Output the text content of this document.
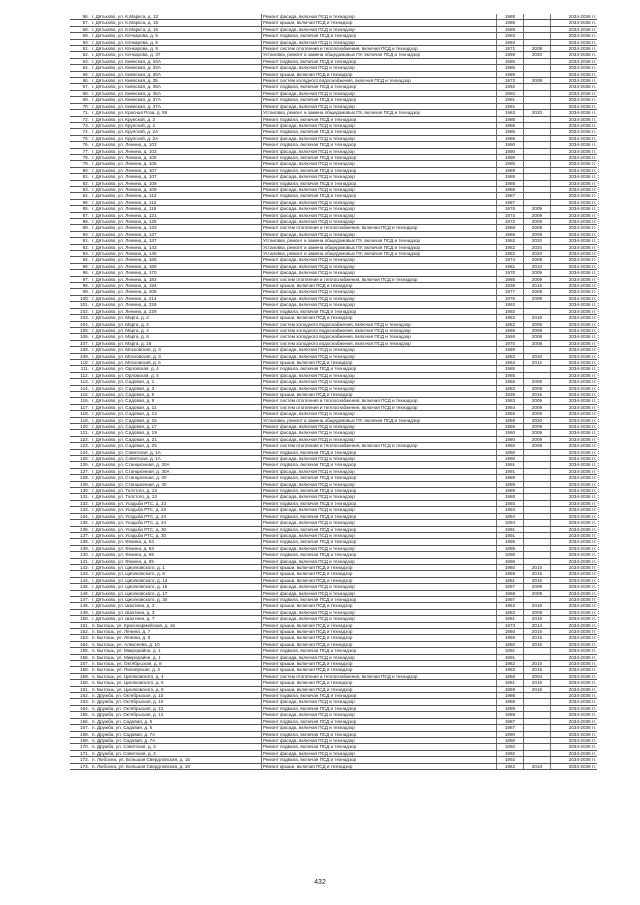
56.	г. Дятьково, ул. К.Маркса, д. 13	Ремонт фасада, включая ПСД и технадзор	1988		2034-2036 гг.
57.	г. Дятьково, ул. К.Маркса, д. 15	Ремонт крыши, включая ПСД и технадзор	1988		2034-2036 гг.
58.	г. Дятьково, ул. К.Маркса, д. 15	Ремонт фасада, включая ПСД и технадзор	1988		2034-2036 гг.
59.	г. Дятьково, ул. Кочкарова, д. 5	Ремонт подвала, включая ПСД и технадзор	1993		2034-2036 гг.
60.	г. Дятьково, ул. Кочкарова, д. 5	Ремонт фасада, включая ПСД и технадзор	1993		2034-2036 гг.
61.	г. Дятьково, ул. Кочкарова, д. 9	Ремонт систем отопления и теплоснабжения, включая ПСД и технадзор	1971	2008	2034-2036 гг.
62.	г. Дятьково, ул. Кочкарова, д. 37	Установка, ремонт и замена общедомовых ПУ, включая ПСД и технадзор	1959	2020	2034-2036 гг.
63.	г. Дятьково, ул. Киевская, д. 33А	Ремонт подвала, включая ПСД и технадзор	1986		2034-2036 гг.
64.	г. Дятьково, ул. Киевская, д. 33А	Ремонт фасада, включая ПСД и технадзор	1986		2034-2036 гг.
65.	г. Дятьково, ул. Киевская, д. 35А	Ремонт крыши, включая ПСД и технадзор	1989		2034-2036 гг.
66.	г. Дятьково, ул. Киевская, д. 35	Ремонт систем холодного водоснабжения, включая ПСД и технадзор	1972	2008	2034-2036 гг.
67.	г. Дятьково, ул. Киевская, д. 35А	Ремонт подвала, включая ПСД и технадзор	1992		2034-2036 гг.
68.	г. Дятьково, ул. Киевская, д. 35А	Ремонт фасада, включая ПСД и технадзор	1992		2034-2036 гг.
69.	г. Дятьково, ул. Киевская, д. 37А	Ремонт подвала, включая ПСД и технадзор	1991		2034-2036 гг.
70.	г. Дятьково, ул. Киевская, д. 37А	Ремонт фасада, включая ПСД и технадзор	1991		2034-2036 гг.
71.	г. Дятьково, ул. Красная Роза, д. 59	Установка, ремонт и замена общедомовых ПУ, включая ПСД и технадзор	1963	2020	2034-2036 гг.
72.	г. Дятьково, ул. Крупской, д. 2	Ремонт подвала, включая ПСД и технадзор	1985		2034-2036 гг.
73.	г. Дятьково, ул. Крупской, д. 2	Ремонт фасада, включая ПСД и технадзор	1985		2034-2036 гг.
74.	г. Дятьково, ул. Крупской, д. 2А	Ремонт подвала, включая ПСД и технадзор	1986		2034-2036 гг.
75.	г. Дятьково, ул. Крупской, д. 2А	Ремонт фасада, включая ПСД и технадзор	1986		2034-2036 гг.
76.	г. Дятьково, ул. Ленина, д. 103	Ремонт подвала, включая ПСД и технадзор	1990		2034-2036 гг.
77.	г. Дятьково, ул. Ленина, д. 103	Ремонт фасада, включая ПСД и технадзор	1990		2034-2036 гг.
78.	г. Дятьково, ул. Ленина, д. 105	Ремонт подвала, включая ПСД и технадзор	1990		2034-2036 гг.
79.	г. Дятьково, ул. Ленина, д. 105	Ремонт фасада, включая ПСД и технадзор	1990		2034-2036 гг.
80.	г. Дятьково, ул. Ленина, д. 107	Ремонт подвала, включая ПСД и технадзор	1989		2034-2036 гг.
81.	г. Дятьково, ул. Ленина, д. 107	Ремонт фасада, включая ПСД и технадзор	1989		2034-2036 гг.
82.	г. Дятьково, ул. Ленина, д. 109	Ремонт подвала, включая ПСД и технадзор	1988		2034-2036 гг.
83.	г. Дятьково, ул. Ленина, д. 109	Ремонт фасада, включая ПСД и технадзор	1988		2034-2036 гг.
84.	г. Дятьково, ул. Ленина, д. 113	Ремонт подвала, включая ПСД и технадзор	1987		2034-2036 гг.
85.	г. Дятьково, ул. Ленина, д. 113	Ремонт фасада, включая ПСД и технадзор	1987		2034-2036 гг.
86.	г. Дятьково, ул. Ленина, д. 119	Ремонт фасада, включая ПСД и технадзор	1976	2009	2034-2036 гг.
87.	г. Дятьково, ул. Ленина, д. 121	Ремонт фасада, включая ПСД и технадзор	1974	2009	2034-2036 гг.
88.	г. Дятьково, ул. Ленина, д. 125	Ремонт фасада, включая ПСД и технадзор	1972	2009	2034-2036 гг.
89.	г. Дятьково, ул. Ленина, д. 133	Ремонт систем отопления и теплоснабжения, включая ПСД и технадзор	1968	2009	2034-2036 гг.
90.	г. Дятьково, ул. Ленина, д. 137	Ремонт фасада, включая ПСД и технадзор	1969	2009	2034-2036 гг.
91.	г. Дятьково, ул. Ленина, д. 137	Установка, ремонт и замена общедомовых ПУ, включая ПСД и технадзор	1952	2020	2034-2036 гг.
92.	г. Дятьково, ул. Ленина, д. 143	Установка, ремонт и замена общедомовых ПУ, включая ПСД и технадзор	1952	2020	2034-2036 гг.
93.	г. Дятьково, ул. Ленина, д. 145	Установка, ремонт и замена общедомовых ПУ, включая ПСД и технадзор	1952	2020	2034-2036 гг.
94.	г. Дятьково, ул. Ленина, д. 166	Ремонт фасада, включая ПСД и технадзор	1974	2009	2034-2036 гг.
95.	г. Дятьково, ул. Ленина, д. 168	Ремонт фасада, включая ПСД и технадзор	1981	2010	2034-2036 гг.
96.	г. Дятьково, ул. Ленина, д. 170	Ремонт фасада, включая ПСД и технадзор	1970	2009	2034-2036 гг.
97.	г. Дятьково, ул. Ленина, д. 182	Ремонт систем отопления и теплоснабжения, включая ПСД и технадзор	1965	2009	2034-2036 гг.
98.	г. Дятьково, ул. Ленина, д. 194	Ремонт крыши, включая ПСД и технадзор	1938	2016	2034-2036 гг.
99.	г. Дятьково, ул. Ленина, д. 208	Ремонт фасада, включая ПСД и технадзор	1977	2009	2034-2036 гг.
100.	г. Дятьково, ул. Ленина, д. 214	Ремонт фасада, включая ПСД и технадзор	1976	2009	2034-2036 гг.
101.	г. Дятьково, ул. Ленина, д. 226	Ремонт фасада, включая ПСД и технадзор	1992		2034-2036 гг.
102.	г. Дятьково, ул. Ленина, д. 229	Ремонт подвала, включая ПСД и технадзор	1992		2034-2036 гг.
103.	г. Дятьково, ул. Марга, д. 2	Ремонт крыши, включая ПСД и технадзор	1962	2015	2034-2036 гг.
104.	г. Дятьково, ул. Марга, д. 2	Ремонт систем холодного водоснабжения, включая ПСД и технадзор	1962	2008	2034-2036 гг.
105.	г. Дятьково, ул. Марга, д. 4	Ремонт систем холодного водоснабжения, включая ПСД и технадзор	1969	2008	2034-2036 гг.
106.	г. Дятьково, ул. Марга, д. 8	Ремонт систем холодного водоснабжения, включая ПСД и технадзор	1968	2008	2034-2036 гг.
107.	г. Дятьково, ул. Марга, д. 16	Ремонт систем холодного водоснабжения, включая ПСД и технадзор	1970	2008	2034-2036 гг.
108.	г. Дятьково, ул. Московская, д. 3	Ремонт фасада, включая ПСД и технадзор	1969		2034-2036 гг.
109.	г. Дятьково, ул. Московская, д. 3	Ремонт фасада, включая ПСД и технадзор	1963	2010	2034-2036 гг.
110.	г. Дятьково, ул. Московская, д. 5	Ремонт крыши, включая ПСД и технадзор	1964	2012	2034-2036 гг.
111.	г. Дятьково, ул. Орловская, д. 4	Ремонт подвала, включая ПСД и технадзор	1985		2034-2036 гг.
112.	г. Дятьково, ул. Орловская, д. 4	Ремонт фасада, включая ПСД и технадзор	1985		2034-2036 гг.
113.	г. Дятьково, ул. Садовая, д. 1	Ремонт фасада, включая ПСД и технадзор	1955	2009	2034-2036 гг.
114.	г. Дятьково, ул. Садовая, д. 3	Ремонт фасада, включая ПСД и технадзор	1963	2009	2034-2036 гг.
115.	г. Дятьково, ул. Садовая, д. 5	Ремонт крыши, включая ПСД и технадзор	1939	2015	2034-2036 гг.
116.	г. Дятьково, ул. Садовая, д. 9	Ремонт систем отопления и теплоснабжения, включая ПСД и технадзор	1953	2009	2034-2036 гг.
117.	г. Дятьково, ул. Садовая, д. 11	Ремонт систем отопления и теплоснабжения, включая ПСД и технадзор	1954	2009	2034-2036 гг.
118.	г. Дятьково, ул. Садовая, д. 13	Ремонт фасада, включая ПСД и технадзор	1955	2009	2034-2036 гг.
119.	г. Дятьково, ул. Садовая, д. 15	Установка, ремонт и замена общедомовых ПУ, включая ПСД и технадзор	1959	2020	2034-2036 гг.
120.	г. Дятьково, ул. Садовая, д. 17	Ремонт фасада, включая ПСД и технадзор	1959	2009	2034-2036 гг.
121.	г. Дятьково, ул. Садовая, д. 19	Ремонт фасада, включая ПСД и технадзор	1960	2009	2034-2036 гг.
122.	г. Дятьково, ул. Садовая, д. 21	Ремонт фасада, включая ПСД и технадзор	1960	2008	2034-2036 гг.
123.	г. Дятьково, ул. Садовая, д. 25	Ремонт систем отопления и теплоснабжения, включая ПСД и технадзор	1960	2008	2034-2036 гг.
124.	г. Дятьково, ул. Советская, д. 1А	Ремонт подвала, включая ПСД и технадзор	1990		2034-2036 гг.
125.	г. Дятьково, ул. Советская, д. 1А	Ремонт фасада, включая ПСД и технадзор	1990		2034-2036 гг.
126.	г. Дятьково, ул. Станционная, д. 30А	Ремонт подвала, включая ПСД и технадзор	1991		2034-2036 гг.
127.	г. Дятьково, ул. Станционная, д. 30А	Ремонт фасада, включая ПСД и технадзор	1991		2034-2036 гг.
128.	г. Дятьково, ул. Станционная, д. 40	Ремонт подвала, включая ПСД и технадзор	1989		2034-2036 гг.
129.	г. Дятьково, ул. Станционная, д. 40	Ремонт фасада, включая ПСД и технадзор	1989		2034-2036 гг.
130.	г. Дятьково, ул. Толстого, д. 13	Ремонт подвала, включая ПСД и технадзор	1988		2034-2036 гг.
131.	г. Дятьково, ул. Толстого, д. 13	Ремонт фасада, включая ПСД и технадзор	1988		2034-2036 гг.
132.	г. Дятьково, ул. Усадьба РТС, д. 23	Ремонт подвала, включая ПСД и технадзор	1993		2034-2036 гг.
133.	г. Дятьково, ул. Усадьба РТС, д. 23	Ремонт фасада, включая ПСД и технадзор	1993		2034-2036 гг.
134.	г. Дятьково, ул. Усадьба РТС, д. 24	Ремонт подвала, включая ПСД и технадзор	1994		2034-2036 гг.
135.	г. Дятьково, ул. Усадьба РТС, д. 24	Ремонт фасада, включая ПСД и технадзор	1994		2034-2036 гг.
136.	г. Дятьково, ул. Усадьба РТС, д. 30	Ремонт подвала, включая ПСД и технадзор	1991		2034-2036 гг.
137.	г. Дятьково, ул. Усадьба РТС, д. 30	Ремонт фасада, включая ПСД и технадзор	1991		2034-2036 гг.
138.	г. Дятьково, ул. Фокина, д. 63	Ремонт подвала, включая ПСД и технадзор	1995		2034-2036 гг.
139.	г. Дятьково, ул. Фокина, д. 63	Ремонт фасада, включая ПСД и технадзор	1995		2034-2036 гг.
140.	г. Дятьково, ул. Фокина, д. 65	Ремонт подвала, включая ПСД и технадзор	1996		2034-2036 гг.
141.	г. Дятьково, ул. Фокина, д. 65	Ремонт фасада, включая ПСД и технадзор	1996		2034-2036 гг.
142.	г. Дятьково, ул. Циолковского, д. 1	Ремонт крыши, включая ПСД и технадзор	1960	2015	2034-2036 гг.
143.	г. Дятьково, ул. Циолковского, д. 8	Ремонт крыши, включая ПСД и технадзор	1959	2015	2034-2036 гг.
144.	г. Дятьково, ул. Циолковского, д. 13	Ремонт крыши, включая ПСД и технадзор	1961	2015	2034-2036 гг.
145.	г. Дятьково, ул. Циолковского, д. 15	Ремонт фасада, включая ПСД и технадзор	1957	2009	2034-2036 гг.
146.	г. Дятьково, ул. Циолковского, д. 17	Ремонт фасада, включая ПСД и технадзор	1958	2009	2034-2036 гг.
147.	г. Дятьково, ул. Циолковского, д. 30	Ремонт подвала, включая ПСД и технадзор	1997		2034-2036 гг.
148.	г. Дятьково, ул. Шахтина, д. 3	Ремонт крыши, включая ПСД и технадзор	1963	2015	2034-2036 гг.
149.	г. Дятьково, ул. Шахтина, д. 3	Ремонт фасада, включая ПСД и технадзор	1963	2009	2034-2036 гг.
150.	г. Дятьково, ул. Шахтина, д. 7	Ремонт фасада, включая ПСД и технадзор	1961	2015	2034-2036 гг.
151.	п. Бытошь, ул. Красноармейская, д. 16	Ремонт крыши, включая ПСД и технадзор	1973	2014	2034-2036 гг.
152.	п. Бытошь, ул. Ленина, д. 7	Ремонт крыши, включая ПСД и технадзор	1960	2015	2034-2036 гг.
153.	п. Бытошь, ул. Ленина, д. 9	Ремонт крыши, включая ПСД и технадзор	1968	2015	2034-2036 гг.
154.	п. Бытошь, ул. Алексеева, д. 10	Ремонт крыши, включая ПСД и технадзор	1960	2015	2034-2036 гг.
155.	п. Бытошь, ул. Микрорайон, д. 1	Ремонт подвала, включая ПСД и технадзор	1991		2034-2036 гг.
156.	п. Бытошь, ул. Микрорайон, д. 1	Ремонт фасада, включая ПСД и технадзор	1991		2034-2036 гг.
157.	п. Бытошь, ул. Октябрьская, д. 8	Ремонт крыши, включая ПСД и технадзор	1962	2015	2034-2036 гг.
158.	п. Бытошь, ул. Пионерская, д. 3	Ремонт крыши, включая ПСД и технадзор	1963	2015	2034-2036 гг.
159.	п. Бытошь, ул. Циолковского, д. 4	Ремонт систем отопления и теплоснабжения, включая ПСД и технадзор	1968	2004	2034-2036 гг.
160.	п. Бытошь, ул. Циолковского, д. 6	Ремонт крыши, включая ПСД и технадзор	1961	2015	2034-2036 гг.
161.	п. Бытошь, ул. Циолковского, д. 8	Ремонт крыши, включая ПСД и технадзор	1959	2015	2034-2036 гг.
162.	п. Дружба, ул. Октябрьская, д. 10	Ремонт подвала, включая ПСД и технадзор	1988		2034-2036 гг.
163.	п. Дружба, ул. Октябрьская, д. 10	Ремонт фасада, включая ПСД и технадзор	1988		2034-2036 гг.
164.	п. Дружба, ул. Октябрьская, д. 13	Ремонт подвала, включая ПСД и технадзор	1989		2034-2036 гг.
165.	п. Дружба, ул. Октябрьская, д. 13	Ремонт фасада, включая ПСД и технадзор	1989		2034-2036 гг.
166.	п. Дружба, ул. Садовая, д. 5	Ремонт подвала, включая ПСД и технадзор	1987		2034-2036 гг.
167.	п. Дружба, ул. Садовая, д. 5	Ремонт фасада, включая ПСД и технадзор	1987		2034-2036 гг.
168.	п. Дружба, ул. Садовая, д. 7А	Ремонт подвала, включая ПСД и технадзор	1990		2034-2036 гг.
169.	п. Дружба, ул. Садовая, д. 7А	Ремонт фасада, включая ПСД и технадзор	1990		2034-2036 гг.
170.	п. Дружба, ул. Советская, д. 3	Ремонт подвала, включая ПСД и технадзор	1992		2034-2036 гг.
171.	п. Дружба, ул. Советская, д. 3	Ремонт фасада, включая ПСД и технадзор	1992		2034-2036 гг.
172.	п. Любохна, ул. Большая Свердловская, д. 15	Ремонт подвала, включая ПСД и технадзор	1992		2034-2036 гг.
173.	п. Любохна, ул. Большая Свердловская, д. 19	Ремонт крыши, включая ПСД и технадзор	1963	2013	2034-2036 гг.
432
